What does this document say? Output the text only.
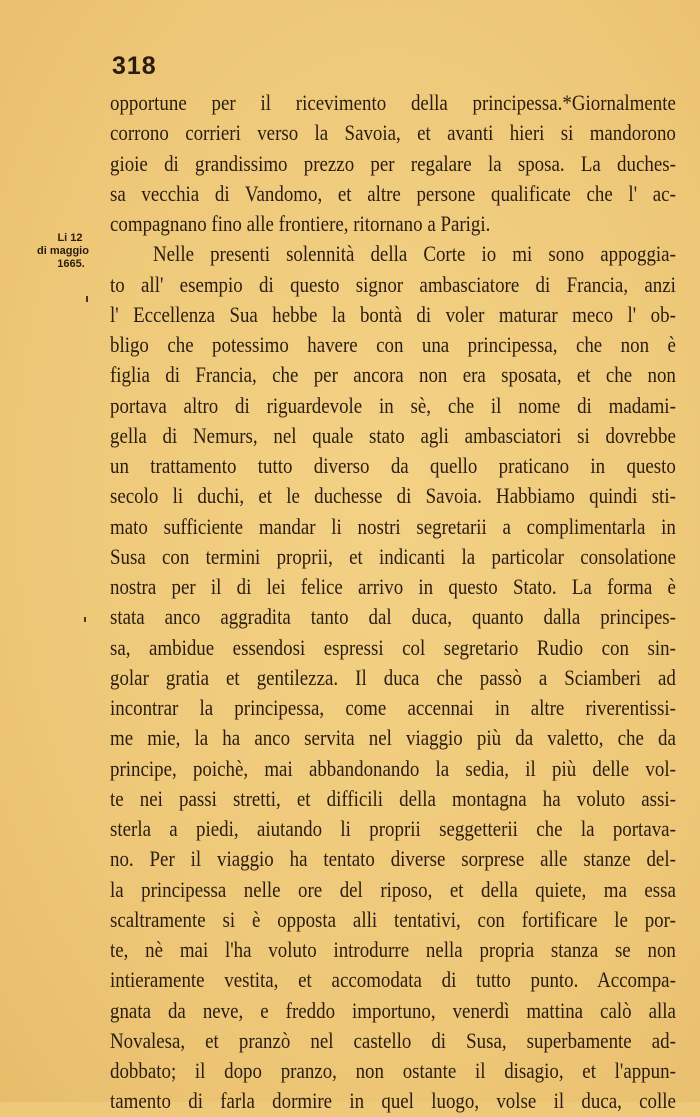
318
Li 12
di maggio
1665.
opportune per il ricevimento della principessa.*Giornalmente
corrono corrieri verso la Savoia, et avanti hieri si mandorono
gioie di grandissimo prezzo per regalare la sposa. La duches-
sa vecchia di Vandomo, et altre persone qualificate che l' ac-
compagnano fino alle frontiere, ritornano a Parigi.
Nelle presenti solennità della Corte io mi sono appoggia-
to all' esempio di questo signor ambasciatore di Francia, anzi
l' Eccellenza Sua hebbe la bontà di voler maturar meco l' ob-
bligo che potessimo havere con una principessa, che non è
figlia di Francia, che per ancora non era sposata, et che non
portava altro di riguardevole in sè, che il nome di madami-
gella di Nemurs, nel quale stato agli ambasciatori si dovrebbe
un trattamento tutto diverso da quello praticano in questo
secolo li duchi, et le duchesse di Savoia. Habbiamo quindi sti-
mato sufficiente mandar li nostri segretarii a complimentarla in
Susa con termini proprii, et indicanti la particolar consolatione
nostra per il di lei felice arrivo in questo Stato. La forma è
stata anco aggradita tanto dal duca, quanto dalla principes-
sa, ambidue essendosi espressi col segretario Rudio con sin-
golar gratia et gentilezza. Il duca che passò a Sciamberi ad
incontrar la principessa, come accennai in altre riverentissi-
me mie, la ha anco servita nel viaggio più da valetto, che da
principe, poichè, mai abbandonando la sedia, il più delle vol-
te nei passi stretti, et difficili della montagna ha voluto assi-
sterla a piedi, aiutando li proprii seggetterii che la portava-
no. Per il viaggio ha tentato diverse sorprese alle stanze del-
la principessa nelle ore del riposo, et della quiete, ma essa
scaltramente si è opposta alli tentativi, con fortificare le por-
te, nè mai l'ha voluto introdurre nella propria stanza se non
intieramente vestita, et accomodata di tutto punto. Accompa-
gnata da neve, e freddo importuno, venerdì mattina calò alla
Novalesa, et pranzò nel castello di Susa, superbamente ad-
dobbato; il dopo pranzo, non ostante il disagio, et l'appun-
tamento di farla dormire in quel luogo, volse il duca, colle
